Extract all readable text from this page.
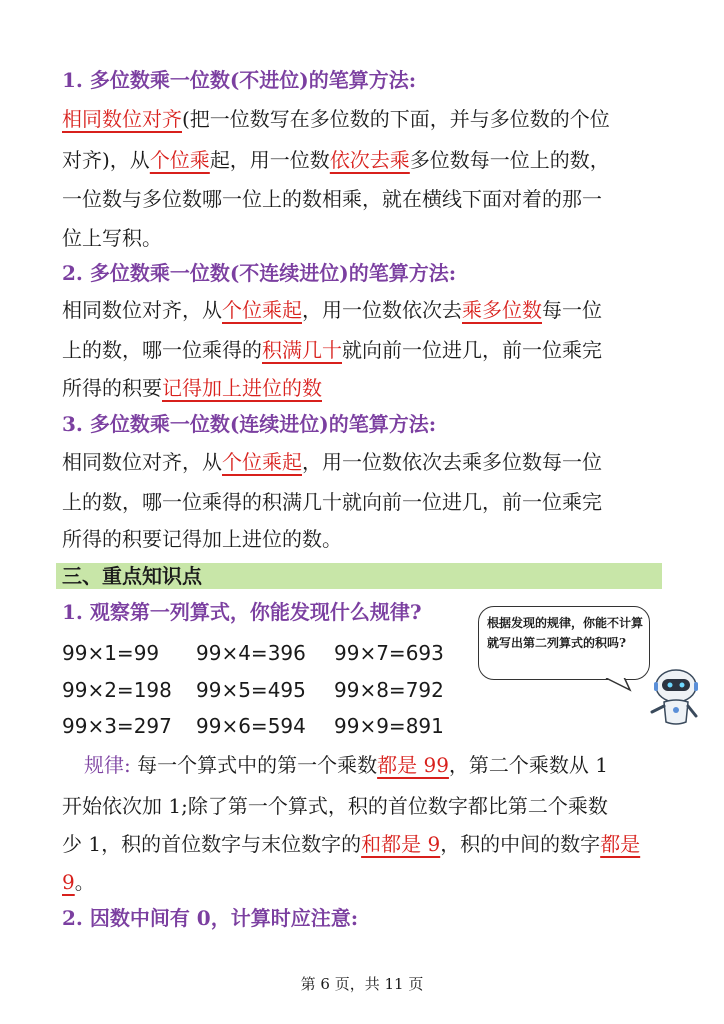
1. 多位数乘一位数(不进位)的笔算方法:
相同数位对齐(把一位数写在多位数的下面，并与多位数的个位
对齐)，从个位乘起，用一位数依次去乘多位数每一位上的数，
一位数与多位数哪一位上的数相乘，就在横线下面对着的那一
位上写积。
2. 多位数乘一位数(不连续进位)的笔算方法:
相同数位对齐，从个位乘起，用一位数依次去乘多位数每一位
上的数，哪一位乘得的积满几十就向前一位进几，前一位乘完
所得的积要记得加上进位的数
3. 多位数乘一位数(连续进位)的笔算方法:
相同数位对齐，从个位乘起，用一位数依次去乘多位数每一位
上的数，哪一位乘得的积满几十就向前一位进几，前一位乘完
所得的积要记得加上进位的数。
三、重点知识点
1. 观察第一列算式，你能发现什么规律?
99×1=99 99×4=396 99×7=693
99×2=198 99×5=495 99×8=792
99×3=297 99×6=594 99×9=891
根据发现的规律，你能不计算就写出第二列算式的积吗?
规律: 每一个算式中的第一个乘数都是 99，第二个乘数从 1
开始依次加 1;除了第一个算式，积的首位数字都比第二个乘数
少 1，积的首位数字与末位数字的和都是 9，积的中间的数字都是
9。
2. 因数中间有 0，计算时应注意:
第 6 页，共 11 页
